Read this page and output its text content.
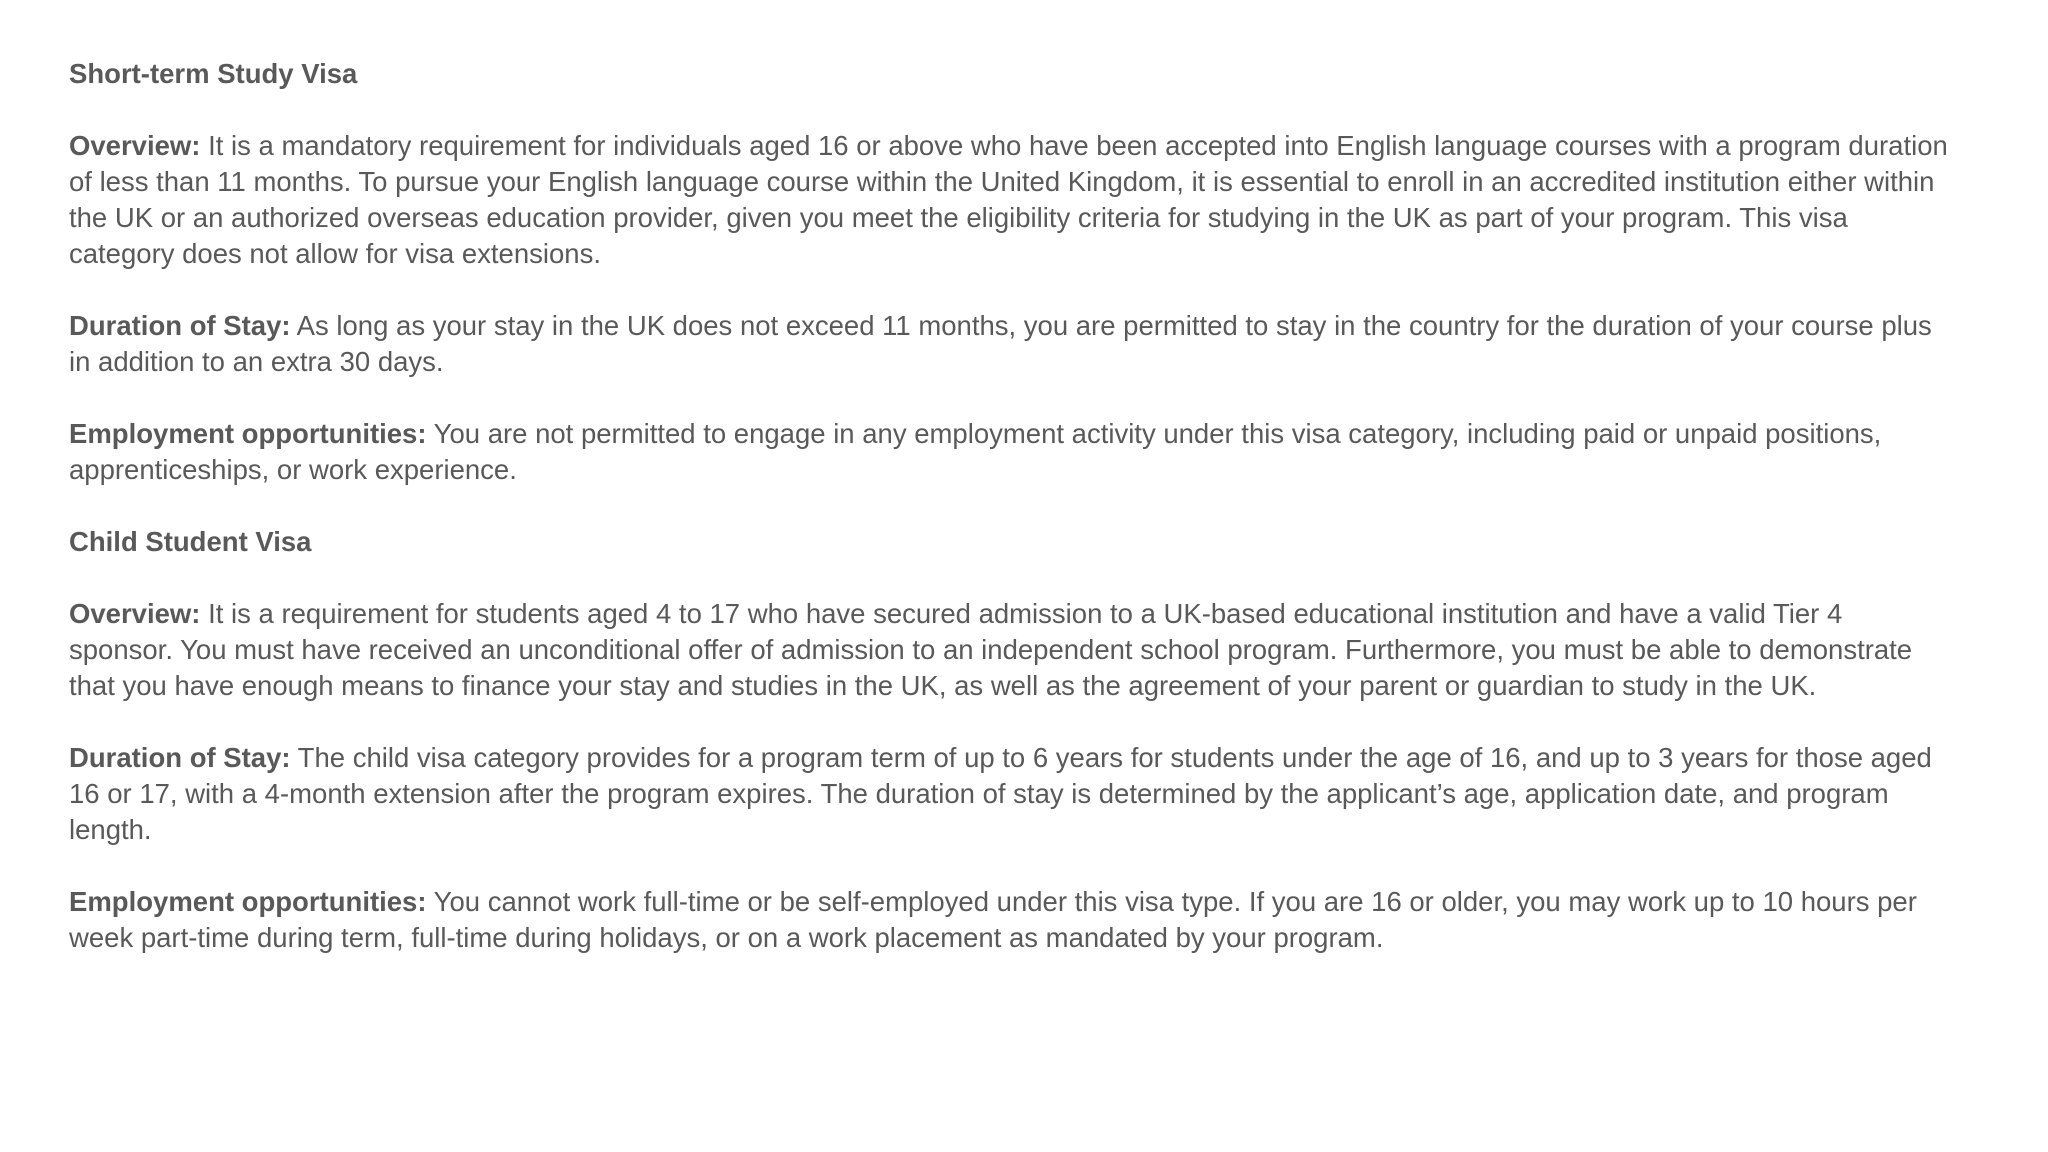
Short-term Study Visa
Overview: It is a mandatory requirement for individuals aged 16 or above who have been accepted into English language courses with a program duration of less than 11 months. To pursue your English language course within the United Kingdom, it is essential to enroll in an accredited institution either within the UK or an authorized overseas education provider, given you meet the eligibility criteria for studying in the UK as part of your program. This visa category does not allow for visa extensions.
Duration of Stay: As long as your stay in the UK does not exceed 11 months, you are permitted to stay in the country for the duration of your course plus in addition to an extra 30 days.
Employment opportunities: You are not permitted to engage in any employment activity under this visa category, including paid or unpaid positions, apprenticeships, or work experience.
Child Student Visa
Overview: It is a requirement for students aged 4 to 17 who have secured admission to a UK-based educational institution and have a valid Tier 4 sponsor. You must have received an unconditional offer of admission to an independent school program. Furthermore, you must be able to demonstrate that you have enough means to finance your stay and studies in the UK, as well as the agreement of your parent or guardian to study in the UK.
Duration of Stay: The child visa category provides for a program term of up to 6 years for students under the age of 16, and up to 3 years for those aged 16 or 17, with a 4-month extension after the program expires. The duration of stay is determined by the applicant’s age, application date, and program length.
Employment opportunities: You cannot work full-time or be self-employed under this visa type. If you are 16 or older, you may work up to 10 hours per week part-time during term, full-time during holidays, or on a work placement as mandated by your program.
